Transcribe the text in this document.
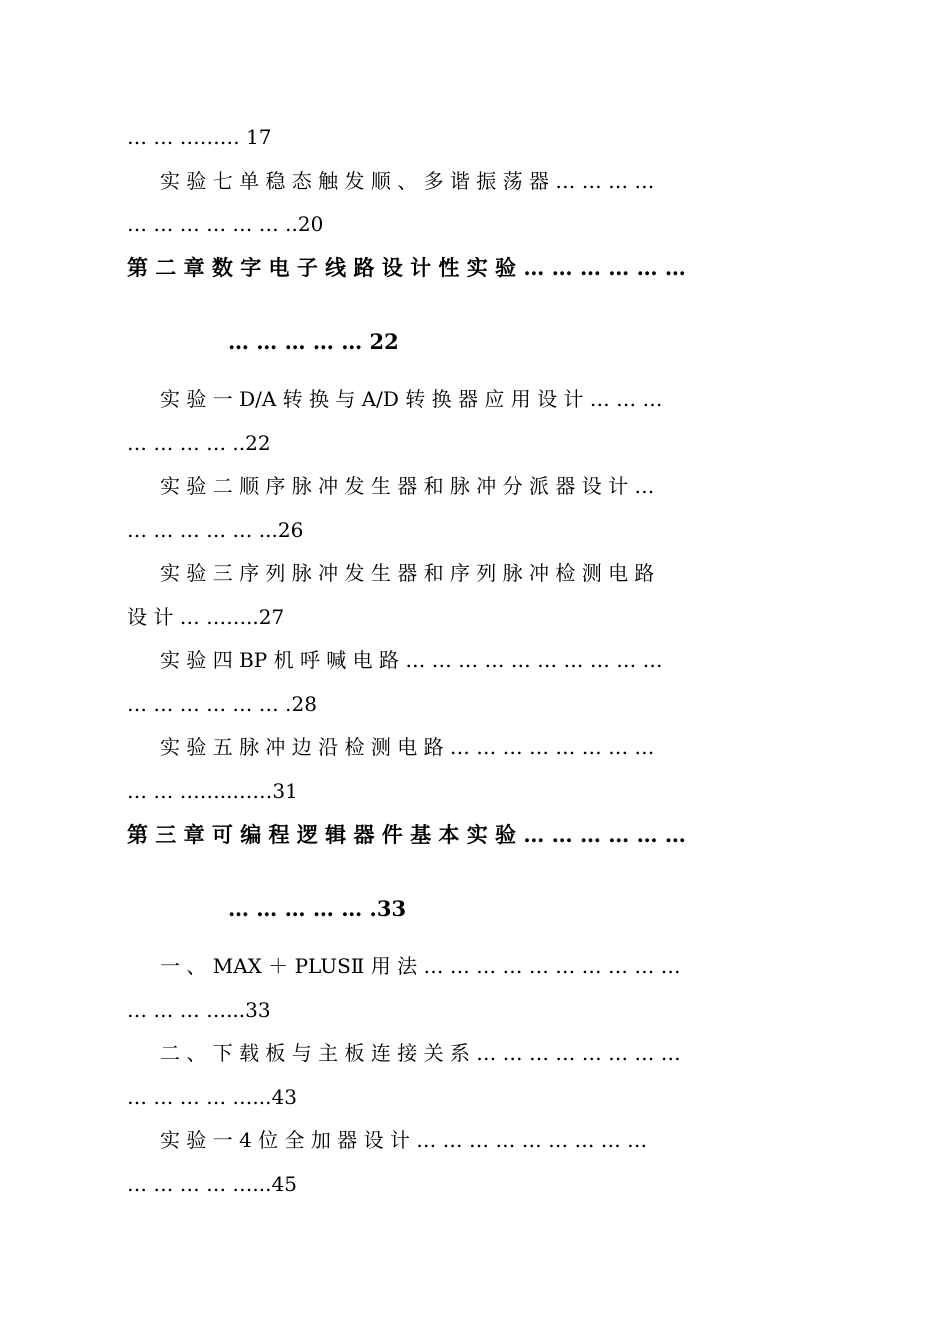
… … ……… 17
实 验 七 单 稳 态 触 发 顺 、 多 谐 振 荡 器 … … … …
… … … … … … ..20
第 二 章 数 字 电 子 线 路 设 计 性 实 验 … … … … … …
… … … … … 22
实 验 一 D/A 转 换 与 A/D 转 换 器 应 用 设 计 … … …
… … … … ..22
实 验 二 顺 序 脉 冲 发 生 器 和 脉 冲 分 派 器 设 计 …
… … … … … ...26
实 验 三 序 列 脉 冲 发 生 器 和 序 列 脉 冲 检 测 电 路
设 计 … ……..27
实 验 四 BP 机 呼 喊 电 路 … … … … … … … … … …
… … … … … … .28
实 验 五 脉 冲 边 沿 检 测 电 路 … … … … … … … …
… … ……..……31
第 三 章 可 编 程 逻 辑 器 件 基 本 实 验 … … … … … …
… … … … … .33
一 、 MAX ＋ PLUSⅡ 用 法 … … … … … … … … … …
… … … …...33
二 、 下 载 板 与 主 板 连 接 关 系 … … … … … … … …
… … … … …...43
实 验 一 4 位 全 加 器 设 计 … … … … … … … … …
… … … … …...45
